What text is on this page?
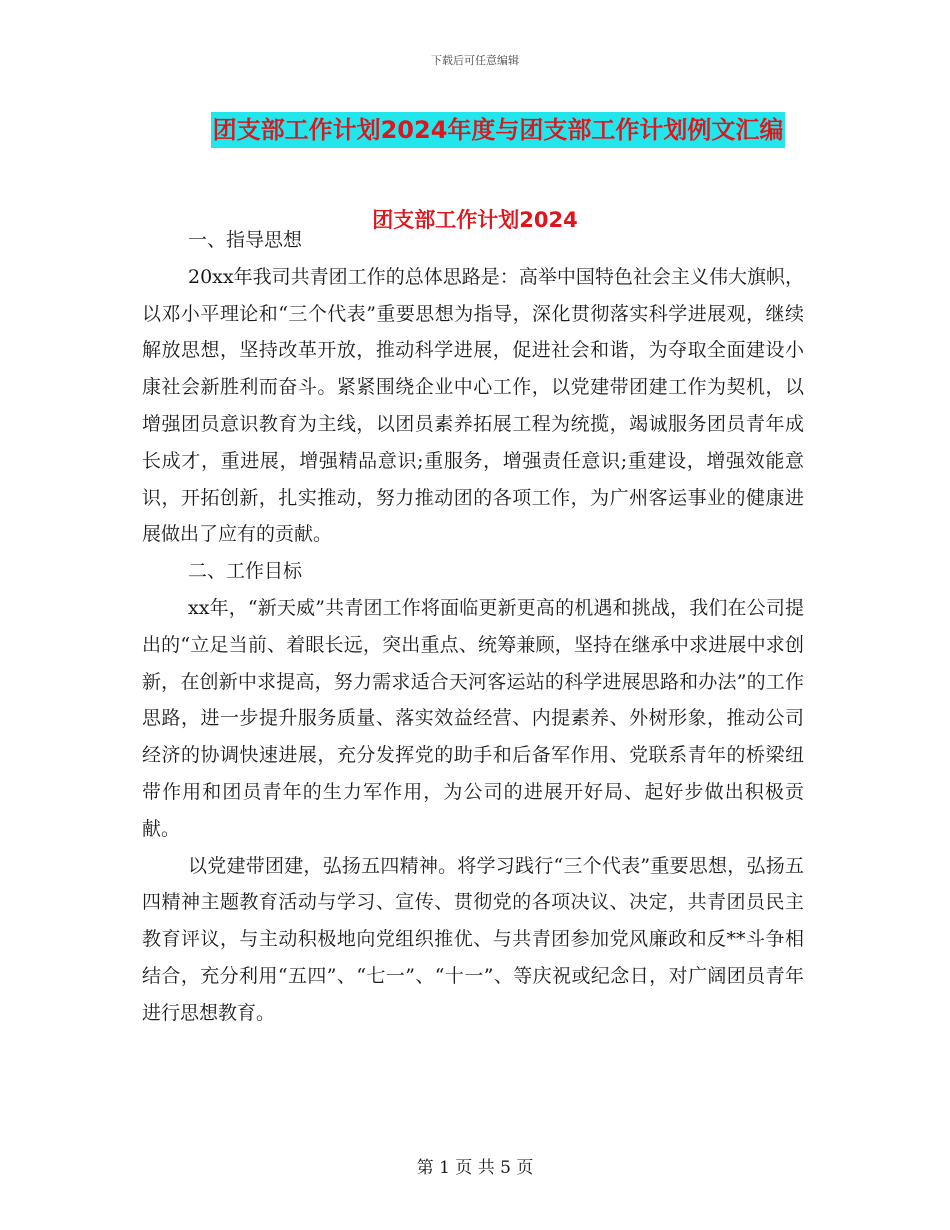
下载后可任意编辑
团支部工作计划2024年度与团支部工作计划例文汇编
团支部工作计划2024

一、指导思想

20xx年我司共青团工作的总体思路是：高举中国特色社会主义伟大旗帜，以邓小平理论和“三个代表”重要思想为指导，深化贯彻落实科学进展观，继续解放思想，坚持改革开放，推动科学进展，促进社会和谐，为夺取全面建设小康社会新胜利而奋斗。紧紧围绕企业中心工作，以党建带团建工作为契机，以增强团员意识教育为主线，以团员素养拓展工程为统揽，竭诚服务团员青年成长成才，重进展，增强精品意识;重服务，增强责任意识;重建设，增强效能意识，开拓创新，扎实推动，努力推动团的各项工作，为广州客运事业的健康进展做出了应有的贡献。

二、工作目标

xx年，“新天威”共青团工作将面临更新更高的机遇和挑战，我们在公司提出的“立足当前、着眼长远，突出重点、统筹兼顾，坚持在继承中求进展中求创新，在创新中求提高，努力需求适合天河客运站的科学进展思路和办法”的工作思路，进一步提升服务质量、落实效益经营、内提素养、外树形象，推动公司经济的协调快速进展，充分发挥党的助手和后备军作用、党联系青年的桥梁纽带作用和团员青年的生力军作用，为公司的进展开好局、起好步做出积极贡献。

以党建带团建，弘扬五四精神。将学习践行“三个代表”重要思想，弘扬五四精神主题教育活动与学习、宣传、贯彻党的各项决议、决定，共青团员民主教育评议，与主动积极地向党组织推优、与共青团参加党风廉政和反**斗争相结合，充分利用“五四”、“七一”、“十一”、等庆祝或纪念日，对广阔团员青年进行思想教育。

第 1 页 共 5 页
